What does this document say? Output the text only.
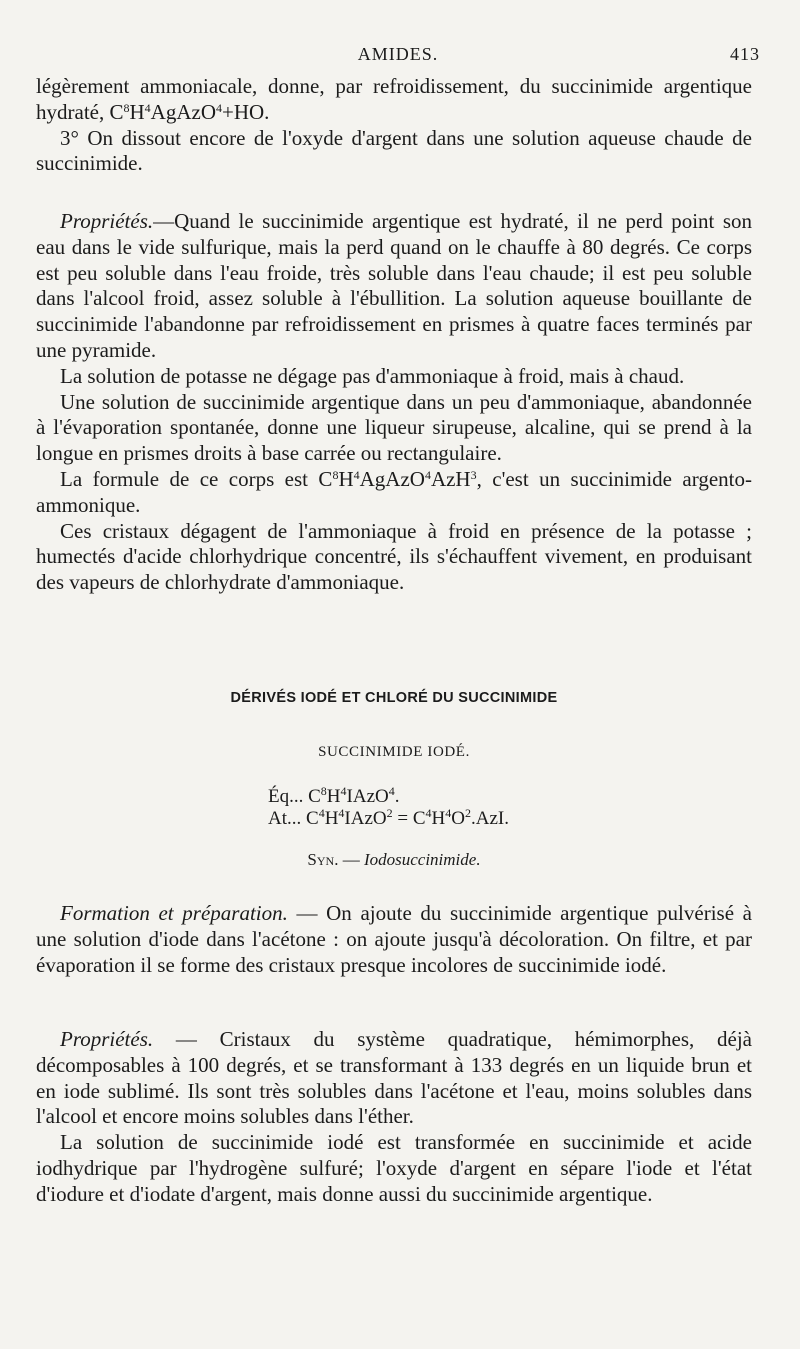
AMIDES.	413

légèrement ammoniacale, donne, par refroidissement, du succinimide argentique hydraté, $C^8H^4AgAzO^4+HO$.

3° On dissout encore de l'oxyde d'argent dans une solution aqueuse chaude de succinimide.

Propriétés.—Quand le succinimide argentique est hydraté, il ne perd point son eau dans le vide sulfurique, mais la perd quand on le chauffe à 80 degrés. Ce corps est peu soluble dans l'eau froide, très soluble dans l'eau chaude; il est peu soluble dans l'alcool froid, assez soluble à l'ébullition. La solution aqueuse bouillante de succinimide l'abandonne par refroidissement en prismes à quatre faces terminés par une pyramide.

La solution de potasse ne dégage pas d'ammoniaque à froid, mais à chaud.

Une solution de succinimide argentique dans un peu d'ammoniaque, abandonnée à l'évaporation spontanée, donne une liqueur sirupeuse, alcaline, qui se prend à la longue en prismes droits à base carrée ou rectangulaire.

La formule de ce corps est $C^8H^4AgAzO^4AzH^3$, c'est un succinimide argento-ammonique.

Ces cristaux dégagent de l'ammoniaque à froid en présence de la potasse ; humectés d'acide chlorhydrique concentré, ils s'échauffent vivement, en produisant des vapeurs de chlorhydrate d'ammoniaque.

DÉRIVÉS IODÉ ET CHLORÉ DU SUCCINIMIDE
SUCCINIMIDE IODÉ.
Éq... $C^8H^4IAzO^4$.
At... $C^4H^4IAzO^2 = C^4H^4O^2.AzI$.
Syn. — Iodosuccinimide.

Formation et préparation. — On ajoute du succinimide argentique pulvérisé à une solution d'iode dans l'acétone : on ajoute jusqu'à décoloration. On filtre, et par évaporation il se forme des cristaux presque incolores de succinimide iodé.

Propriétés. — Cristaux du système quadratique, hémimorphes, déjà décomposables à 100 degrés, et se transformant à 133 degrés en un liquide brun et en iode sublimé. Ils sont très solubles dans l'acétone et l'eau, moins solubles dans l'alcool et encore moins solubles dans l'éther.

La solution de succinimide iodé est transformée en succinimide et acide iodhydrique par l'hydrogène sulfuré; l'oxyde d'argent en sépare l'iode et l'état d'iodure et d'iodate d'argent, mais donne aussi du succinimide argentique.
